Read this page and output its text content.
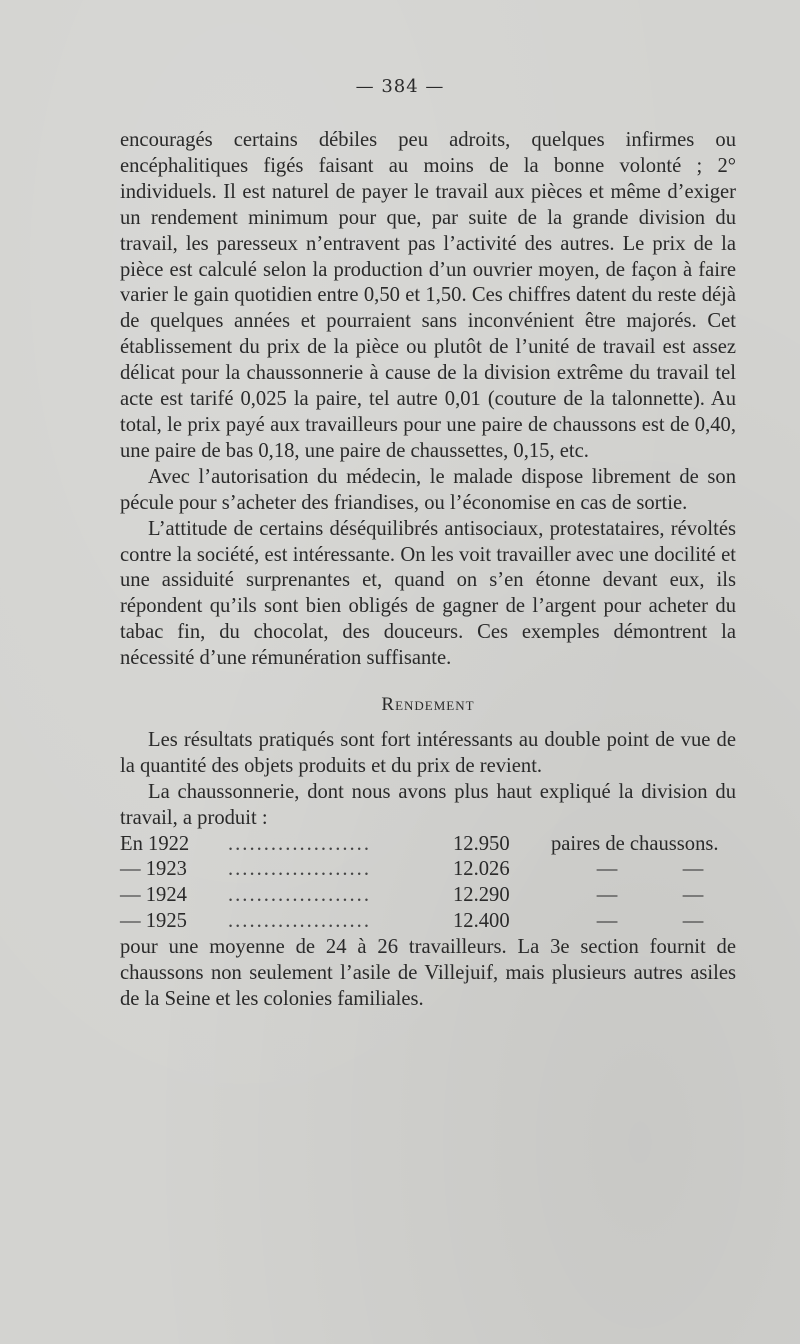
— 384 —

encouragés certains débiles peu adroits, quelques infirmes ou encéphalitiques figés faisant au moins de la bonne volonté ; 2° individuels. Il est naturel de payer le travail aux pièces et même d’exiger un rendement minimum pour que, par suite de la grande division du travail, les paresseux n’entravent pas l’activité des autres. Le prix de la pièce est calculé selon la production d’un ouvrier moyen, de façon à faire varier le gain quotidien entre 0,50 et 1,50. Ces chiffres datent du reste déjà de quelques années et pourraient sans inconvénient être majorés. Cet établissement du prix de la pièce ou plutôt de l’unité de travail est assez délicat pour la chaussonnerie à cause de la division extrême du travail tel acte est tarifé 0,025 la paire, tel autre 0,01 (couture de la talonnette). Au total, le prix payé aux travailleurs pour une paire de chaussons est de 0,40, une paire de bas 0,18, une paire de chaussettes, 0,15, etc.

Avec l’autorisation du médecin, le malade dispose librement de son pécule pour s’acheter des friandises, ou l’économise en cas de sortie.

L’attitude de certains déséquilibrés antisociaux, protestataires, révoltés contre la société, est intéressante. On les voit travailler avec une docilité et une assiduité surprenantes et, quand on s’en étonne devant eux, ils répondent qu’ils sont bien obligés de gagner de l’argent pour acheter du tabac fin, du chocolat, des douceurs. Ces exemples démontrent la nécessité d’une rémunération suffisante.

Rendement

Les résultats pratiqués sont fort intéressants au double point de vue de la quantité des objets produits et du prix de revient.

La chaussonnerie, dont nous avons plus haut expliqué la division du travail, a produit :

En 1922	....................	12.950	paires de chaussons.
— 1923	....................	12.026	— —
— 1924	....................	12.290	— —
— 1925	....................	12.400	— —

pour une moyenne de 24 à 26 travailleurs. La 3e section fournit de chaussons non seulement l’asile de Villejuif, mais plusieurs autres asiles de la Seine et les colonies familiales.
